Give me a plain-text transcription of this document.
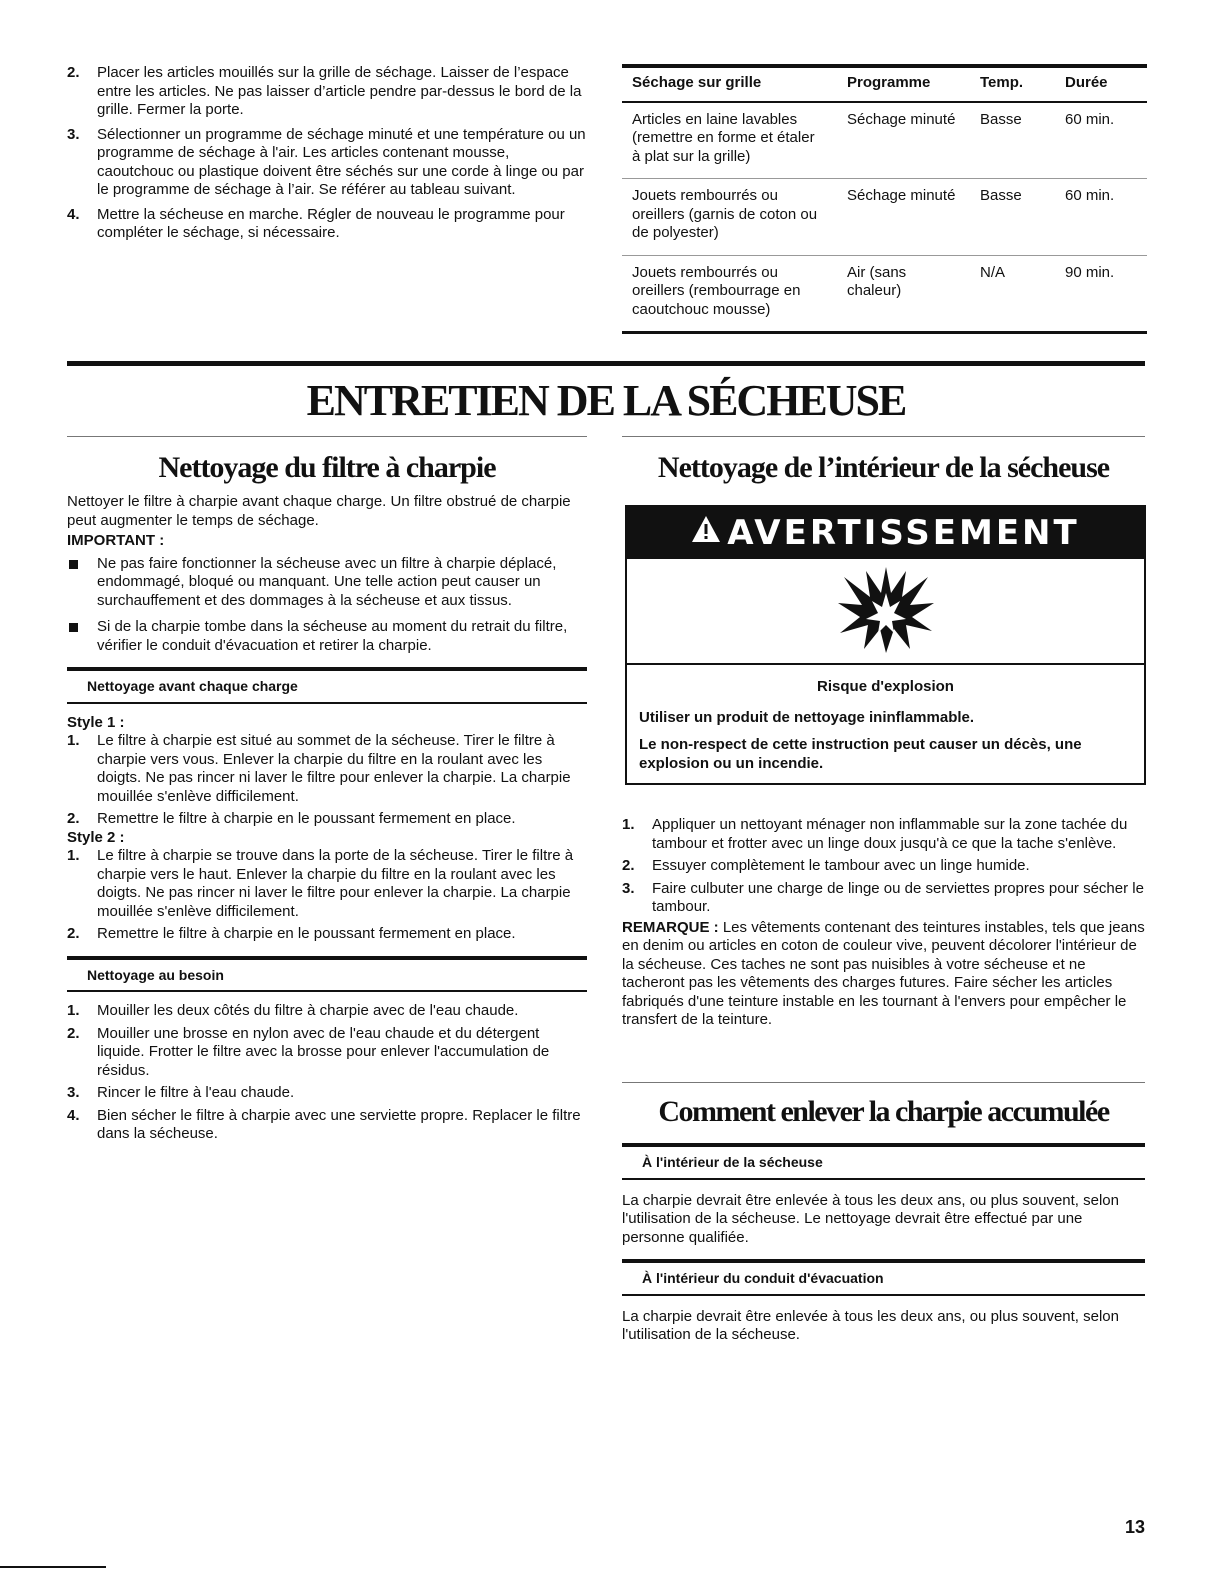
2. Placer les articles mouillés sur la grille de séchage. Laisser de l’espace entre les articles. Ne pas laisser d’article pendre par-dessus le bord de la grille. Fermer la porte.
3. Sélectionner un programme de séchage minuté et une température ou un programme de séchage à l'air. Les articles contenant mousse, caoutchouc ou plastique doivent être séchés sur une corde à linge ou par le programme de séchage à l’air. Se référer au tableau suivant.
4. Mettre la sécheuse en marche. Régler de nouveau le programme pour compléter le séchage, si nécessaire.
Séchage sur grille	Programme	Temp.	Durée
Articles en laine lavables (remettre en forme et étaler à plat sur la grille)	Séchage minuté	Basse	60 min.
Jouets rembourrés ou oreillers (garnis de coton ou de polyester)	Séchage minuté	Basse	60 min.
Jouets rembourrés ou oreillers (rembourrage en caoutchouc mousse)	Air (sans chaleur)	N/A	90 min.
ENTRETIEN DE LA SÉCHEUSE
Nettoyage du filtre à charpie

Nettoyer le filtre à charpie avant chaque charge. Un filtre obstrué de charpie peut augmenter le temps de séchage.

IMPORTANT :

Ne pas faire fonctionner la sécheuse avec un filtre à charpie déplacé, endommagé, bloqué ou manquant. Une telle action peut causer un surchauffement et des dommages à la sécheuse et aux tissus.
Si de la charpie tombe dans la sécheuse au moment du retrait du filtre, vérifier le conduit d'évacuation et retirer la charpie.
Nettoyage avant chaque charge

Style 1 :

1. Le filtre à charpie est situé au sommet de la sécheuse. Tirer le filtre à charpie vers vous. Enlever la charpie du filtre en la roulant avec les doigts. Ne pas rincer ni laver le filtre pour enlever la charpie. La charpie mouillée s'enlève difficilement.
2. Remettre le filtre à charpie en le poussant fermement en place.

Style 2 :

1. Le filtre à charpie se trouve dans la porte de la sécheuse. Tirer le filtre à charpie vers le haut. Enlever la charpie du filtre en la roulant avec les doigts. Ne pas rincer ni laver le filtre pour enlever la charpie. La charpie mouillée s'enlève difficilement.
2. Remettre le filtre à charpie en le poussant fermement en place.
Nettoyage au besoin
1. Mouiller les deux côtés du filtre à charpie avec de l'eau chaude.
2. Mouiller une brosse en nylon avec de l'eau chaude et du détergent liquide. Frotter le filtre avec la brosse pour enlever l'accumulation de résidus.
3. Rincer le filtre à l'eau chaude.
4. Bien sécher le filtre à charpie avec une serviette propre. Replacer le filtre dans la sécheuse.
Nettoyage de l’intérieur de la sécheuse
AVERTISSEMENT

Risque d'explosion

Utiliser un produit de nettoyage ininflammable.

Le non-respect de cette instruction peut causer un décès, une explosion ou un incendie.

1. Appliquer un nettoyant ménager non inflammable sur la zone tachée du tambour et frotter avec un linge doux jusqu'à ce que la tache s'enlève.
2. Essuyer complètement le tambour avec un linge humide.
3. Faire culbuter une charge de linge ou de serviettes propres pour sécher le tambour.

REMARQUE : Les vêtements contenant des teintures instables, tels que jeans en denim ou articles en coton de couleur vive, peuvent décolorer l'intérieur de la sécheuse. Ces taches ne sont pas nuisibles à votre sécheuse et ne tacheront pas les vêtements des charges futures. Faire sécher les articles fabriqués d'une teinture instable en les tournant à l'envers pour empêcher le transfert de la teinture.

Comment enlever la charpie accumulée
À l'intérieur de la sécheuse

La charpie devrait être enlevée à tous les deux ans, ou plus souvent, selon l'utilisation de la sécheuse. Le nettoyage devrait être effectué par une personne qualifiée.

À l'intérieur du conduit d'évacuation

La charpie devrait être enlevée à tous les deux ans, ou plus souvent, selon l'utilisation de la sécheuse.

13
